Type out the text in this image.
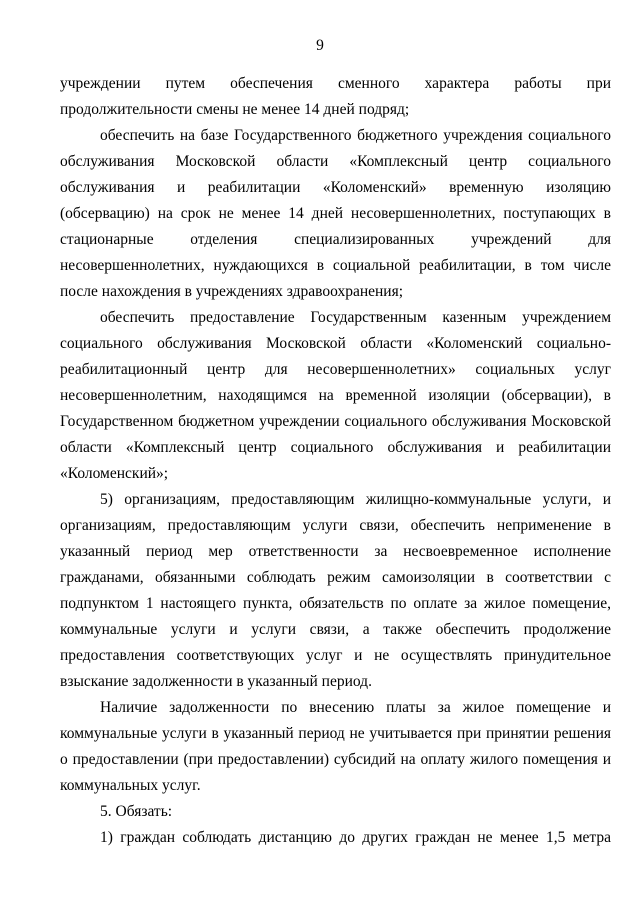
9

учреждении путем обеспечения сменного характера работы при продолжительности смены не менее 14 дней подряд;

обеспечить на базе Государственного бюджетного учреждения социального обслуживания Московской области «Комплексный центр социального обслуживания и реабилитации «Коломенский» временную изоляцию (обсервацию) на срок не менее 14 дней несовершеннолетних, поступающих в стационарные отделения специализированных учреждений для несовершеннолетних, нуждающихся в социальной реабилитации, в том числе после нахождения в учреждениях здравоохранения;

обеспечить предоставление Государственным казенным учреждением социального обслуживания Московской области «Коломенский социально-реабилитационный центр для несовершеннолетних» социальных услуг несовершеннолетним, находящимся на временной изоляции (обсервации), в Государственном бюджетном учреждении социального обслуживания Московской области «Комплексный центр социального обслуживания и реабилитации «Коломенский»;

5) организациям, предоставляющим жилищно-коммунальные услуги, и организациям, предоставляющим услуги связи, обеспечить неприменение в указанный период мер ответственности за несвоевременное исполнение гражданами, обязанными соблюдать режим самоизоляции в соответствии с подпунктом 1 настоящего пункта, обязательств по оплате за жилое помещение, коммунальные услуги и услуги связи, а также обеспечить продолжение предоставления соответствующих услуг и не осуществлять принудительное взыскание задолженности в указанный период.

Наличие задолженности по внесению платы за жилое помещение и коммунальные услуги в указанный период не учитывается при принятии решения о предоставлении (при предоставлении) субсидий на оплату жилого помещения и коммунальных услуг.

5. Обязать:

1) граждан соблюдать дистанцию до других граждан не менее 1,5 метра
